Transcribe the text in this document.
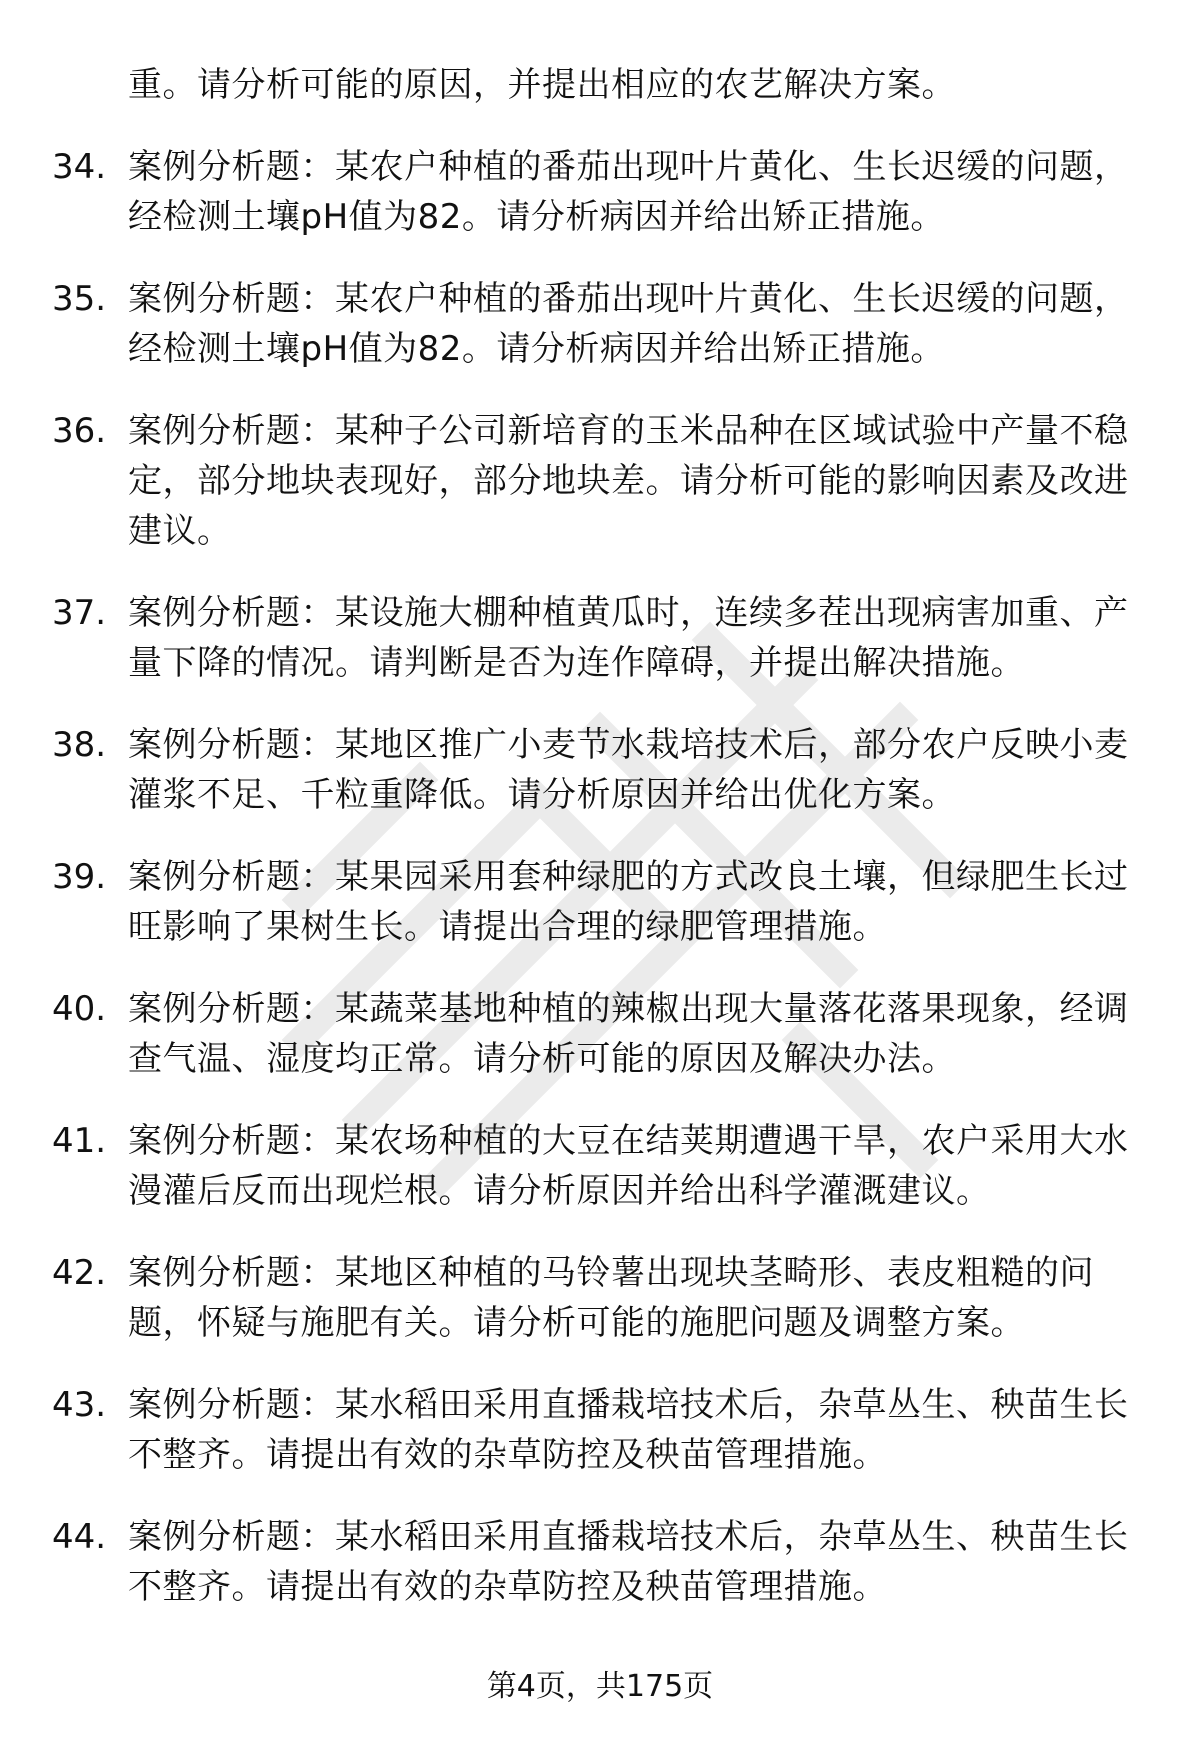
重。请分析可能的原因，并提出相应的农艺解决方案。
34. 案例分析题：某农户种植的番茄出现叶片黄化、生长迟缓的问题，经检测土壤pH值为82。请分析病因并给出矫正措施。
35. 案例分析题：某农户种植的番茄出现叶片黄化、生长迟缓的问题，经检测土壤pH值为82。请分析病因并给出矫正措施。
36. 案例分析题：某种子公司新培育的玉米品种在区域试验中产量不稳定，部分地块表现好，部分地块差。请分析可能的影响因素及改进建议。
37. 案例分析题：某设施大棚种植黄瓜时，连续多茬出现病害加重、产量下降的情况。请判断是否为连作障碍，并提出解决措施。
38. 案例分析题：某地区推广小麦节水栽培技术后，部分农户反映小麦灌浆不足、千粒重降低。请分析原因并给出优化方案。
39. 案例分析题：某果园采用套种绿肥的方式改良土壤，但绿肥生长过旺影响了果树生长。请提出合理的绿肥管理措施。
40. 案例分析题：某蔬菜基地种植的辣椒出现大量落花落果现象，经调查气温、湿度均正常。请分析可能的原因及解决办法。
41. 案例分析题：某农场种植的大豆在结荚期遭遇干旱，农户采用大水漫灌后反而出现烂根。请分析原因并给出科学灌溉建议。
42. 案例分析题：某地区种植的马铃薯出现块茎畸形、表皮粗糙的问题，怀疑与施肥有关。请分析可能的施肥问题及调整方案。
43. 案例分析题：某水稻田采用直播栽培技术后，杂草丛生、秧苗生长不整齐。请提出有效的杂草防控及秧苗管理措施。
44. 案例分析题：某水稻田采用直播栽培技术后，杂草丛生、秧苗生长不整齐。请提出有效的杂草防控及秧苗管理措施。
第4页，共175页
